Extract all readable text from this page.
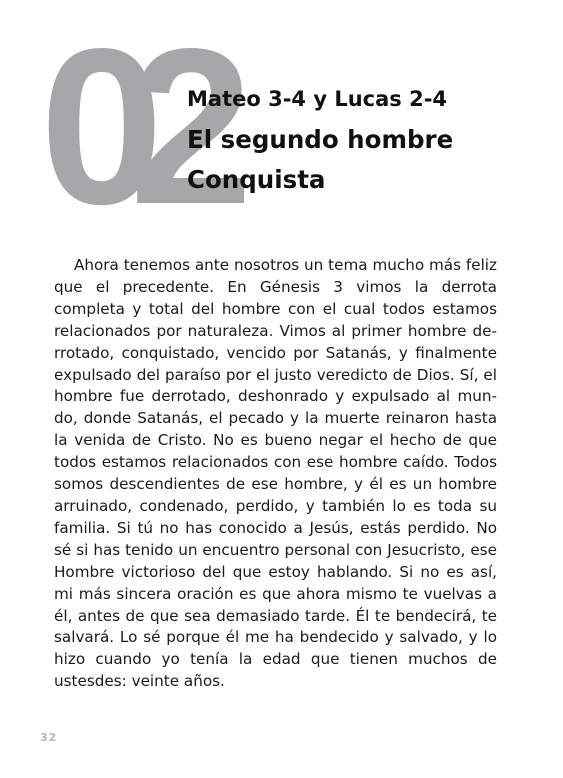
02
Mateo 3-4 y Lucas 2-4
El segundo hombre
Conquista

Ahora tenemos ante nosotros un tema mucho más feliz que el precedente. En Génesis 3 vimos la derrota completa y total del hombre con el cual todos estamos relacionados por naturaleza. Vimos al primer hombre derrotado, conquistado, vencido por Satanás, y finalmente expulsado del paraíso por el justo veredicto de Dios. Sí, el hombre fue derrotado, deshonrado y expulsado al mundo, donde Satanás, el pecado y la muerte reinaron hasta la venida de Cristo. No es bueno negar el hecho de que todos estamos relacionados con ese hombre caído. Todos somos descendientes de ese hombre, y él es un hombre arruinado, condenado, perdido, y también lo es toda su familia. Si tú no has conocido a Jesús, estás perdido. No sé si has tenido un encuentro personal con Jesucristo, ese Hombre victorioso del que estoy hablando. Si no es así, mi más sincera oración es que ahora mismo te vuelvas a él, antes de que sea demasiado tarde. Él te bendecirá, te salvará. Lo sé porque él me ha bendecido y salvado, y lo hizo cuando yo tenía la edad que tienen muchos de ustesdes: veinte años.

32
